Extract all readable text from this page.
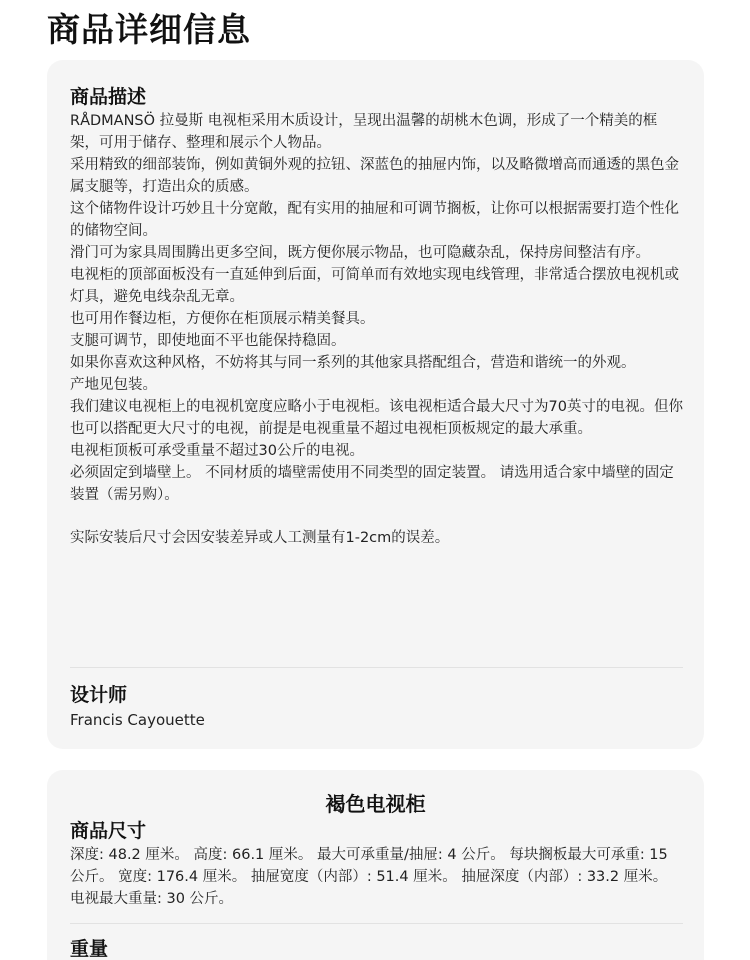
商品详细信息
商品描述

RÅDMANSÖ 拉曼斯 电视柜采用木质设计，呈现出温馨的胡桃木色调，形成了一个精美的框架，可用于储存、整理和展示个人物品。

采用精致的细部装饰，例如黄铜外观的拉钮、深蓝色的抽屉内饰，以及略微增高而通透的黑色金属支腿等，打造出众的质感。

这个储物件设计巧妙且十分宽敞，配有实用的抽屉和可调节搁板，让你可以根据需要打造个性化的储物空间。

滑门可为家具周围腾出更多空间，既方便你展示物品，也可隐藏杂乱，保持房间整洁有序。

电视柜的顶部面板没有一直延伸到后面，可简单而有效地实现电线管理，非常适合摆放电视机或灯具，避免电线杂乱无章。

也可用作餐边柜，方便你在柜顶展示精美餐具。

支腿可调节，即使地面不平也能保持稳固。

如果你喜欢这种风格，不妨将其与同一系列的其他家具搭配组合，营造和谐统一的外观。

产地见包装。

我们建议电视柜上的电视机宽度应略小于电视柜。该电视柜适合最大尺寸为70英寸的电视。但你也可以搭配更大尺寸的电视，前提是电视重量不超过电视柜顶板规定的最大承重。

电视柜顶板可承受重量不超过30公斤的电视。

必须固定到墙壁上。 不同材质的墙壁需使用不同类型的固定装置。 请选用适合家中墙壁的固定装置（需另购）。

实际安装后尺寸会因安装差异或人工测量有1-2cm的误差。

设计师
Francis Cayouette
褐色电视柜
商品尺寸

深度: 48.2 厘米。 高度: 66.1 厘米。 最大可承重量/抽屉: 4 公斤。 每块搁板最大可承重: 15 公斤。 宽度: 176.4 厘米。 抽屉宽度（内部）: 51.4 厘米。 抽屉深度（内部）: 33.2 厘米。 电视最大重量: 30 公斤。

重量
